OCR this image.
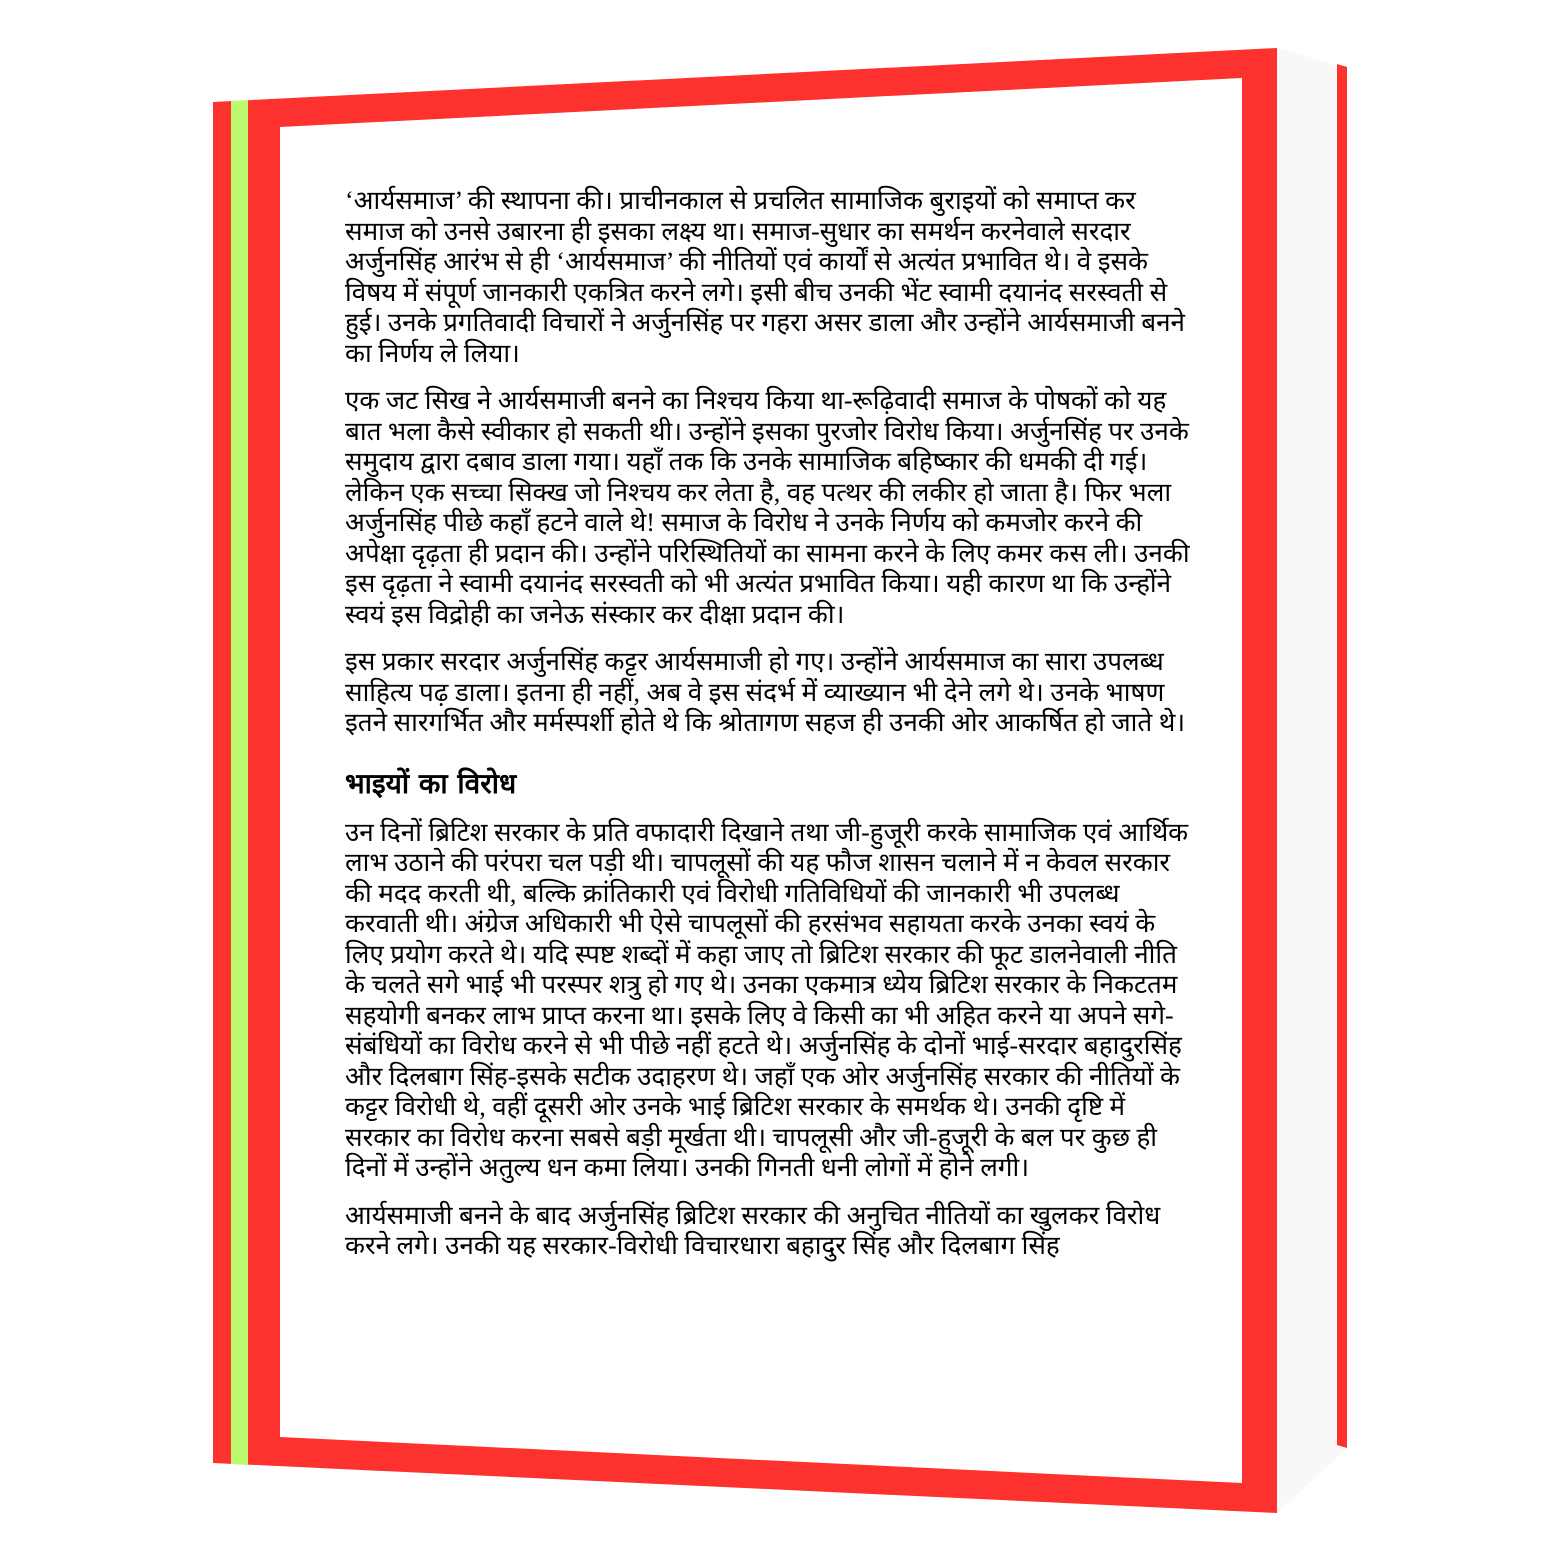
‘आर्यसमाज’ की स्थापना की। प्राचीनकाल से प्रचलित सामाजिक बुराइयों को समाप्त कर समाज को उनसे उबारना ही इसका लक्ष्य था। समाज-सुधार का समर्थन करनेवाले सरदार अर्जुनसिंह आरंभ से ही ‘आर्यसमाज’ की नीतियों एवं कार्यों से अत्यंत प्रभावित थे। वे इसके विषय में संपूर्ण जानकारी एकत्रित करने लगे। इसी बीच उनकी भेंट स्वामी दयानंद सरस्वती से हुई। उनके प्रगतिवादी विचारों ने अर्जुनसिंह पर गहरा असर डाला और उन्होंने आर्यसमाजी बनने का निर्णय ले लिया।

एक जट सिख ने आर्यसमाजी बनने का निश्चय किया था-रूढ़िवादी समाज के पोषकों को यह बात भला कैसे स्वीकार हो सकती थी। उन्होंने इसका पुरजोर विरोध किया। अर्जुनसिंह पर उनके समुदाय द्वारा दबाव डाला गया। यहाँ तक कि उनके सामाजिक बहिष्कार की धमकी दी गई। लेकिन एक सच्चा सिक्ख जो निश्चय कर लेता है, वह पत्थर की लकीर हो जाता है। फिर भला अर्जुनसिंह पीछे कहाँ हटने वाले थे! समाज के विरोध ने उनके निर्णय को कमजोर करने की अपेक्षा दृढ़ता ही प्रदान की। उन्होंने परिस्थितियों का सामना करने के लिए कमर कस ली। उनकी इस दृढ़ता ने स्वामी दयानंद सरस्वती को भी अत्यंत प्रभावित किया। यही कारण था कि उन्होंने स्वयं इस विद्रोही का जनेऊ संस्कार कर दीक्षा प्रदान की।

इस प्रकार सरदार अर्जुनसिंह कट्टर आर्यसमाजी हो गए। उन्होंने आर्यसमाज का सारा उपलब्ध साहित्य पढ़ डाला। इतना ही नहीं, अब वे इस संदर्भ में व्याख्यान भी देने लगे थे। उनके भाषण इतने सारगर्भित और मर्मस्पर्शी होते थे कि श्रोतागण सहज ही उनकी ओर आकर्षित हो जाते थे।

भाइयों का विरोध

उन दिनों ब्रिटिश सरकार के प्रति वफादारी दिखाने तथा जी-हुजूरी करके सामाजिक एवं आर्थिक लाभ उठाने की परंपरा चल पड़ी थी। चापलूसों की यह फौज शासन चलाने में न केवल सरकार की मदद करती थी, बल्कि क्रांतिकारी एवं विरोधी गतिविधियों की जानकारी भी उपलब्ध करवाती थी। अंग्रेज अधिकारी भी ऐसे चापलूसों की हरसंभव सहायता करके उनका स्वयं के लिए प्रयोग करते थे। यदि स्पष्ट शब्दों में कहा जाए तो ब्रिटिश सरकार की फूट डालनेवाली नीति के चलते सगे भाई भी परस्पर शत्रु हो गए थे। उनका एकमात्र ध्येय ब्रिटिश सरकार के निकटतम सहयोगी बनकर लाभ प्राप्त करना था। इसके लिए वे किसी का भी अहित करने या अपने सगे-संबंधियों का विरोध करने से भी पीछे नहीं हटते थे। अर्जुनसिंह के दोनों भाई-सरदार बहादुरसिंह और दिलबाग सिंह-इसके सटीक उदाहरण थे। जहाँ एक ओर अर्जुनसिंह सरकार की नीतियों के कट्टर विरोधी थे, वहीं दूसरी ओर उनके भाई ब्रिटिश सरकार के समर्थक थे। उनकी दृष्टि में सरकार का विरोध करना सबसे बड़ी मूर्खता थी। चापलूसी और जी-हुजूरी के बल पर कुछ ही दिनों में उन्होंने अतुल्य धन कमा लिया। उनकी गिनती धनी लोगों में होने लगी।

आर्यसमाजी बनने के बाद अर्जुनसिंह ब्रिटिश सरकार की अनुचित नीतियों का खुलकर विरोध करने लगे। उनकी यह सरकार-विरोधी विचारधारा बहादुर सिंह और दिलबाग सिंह
